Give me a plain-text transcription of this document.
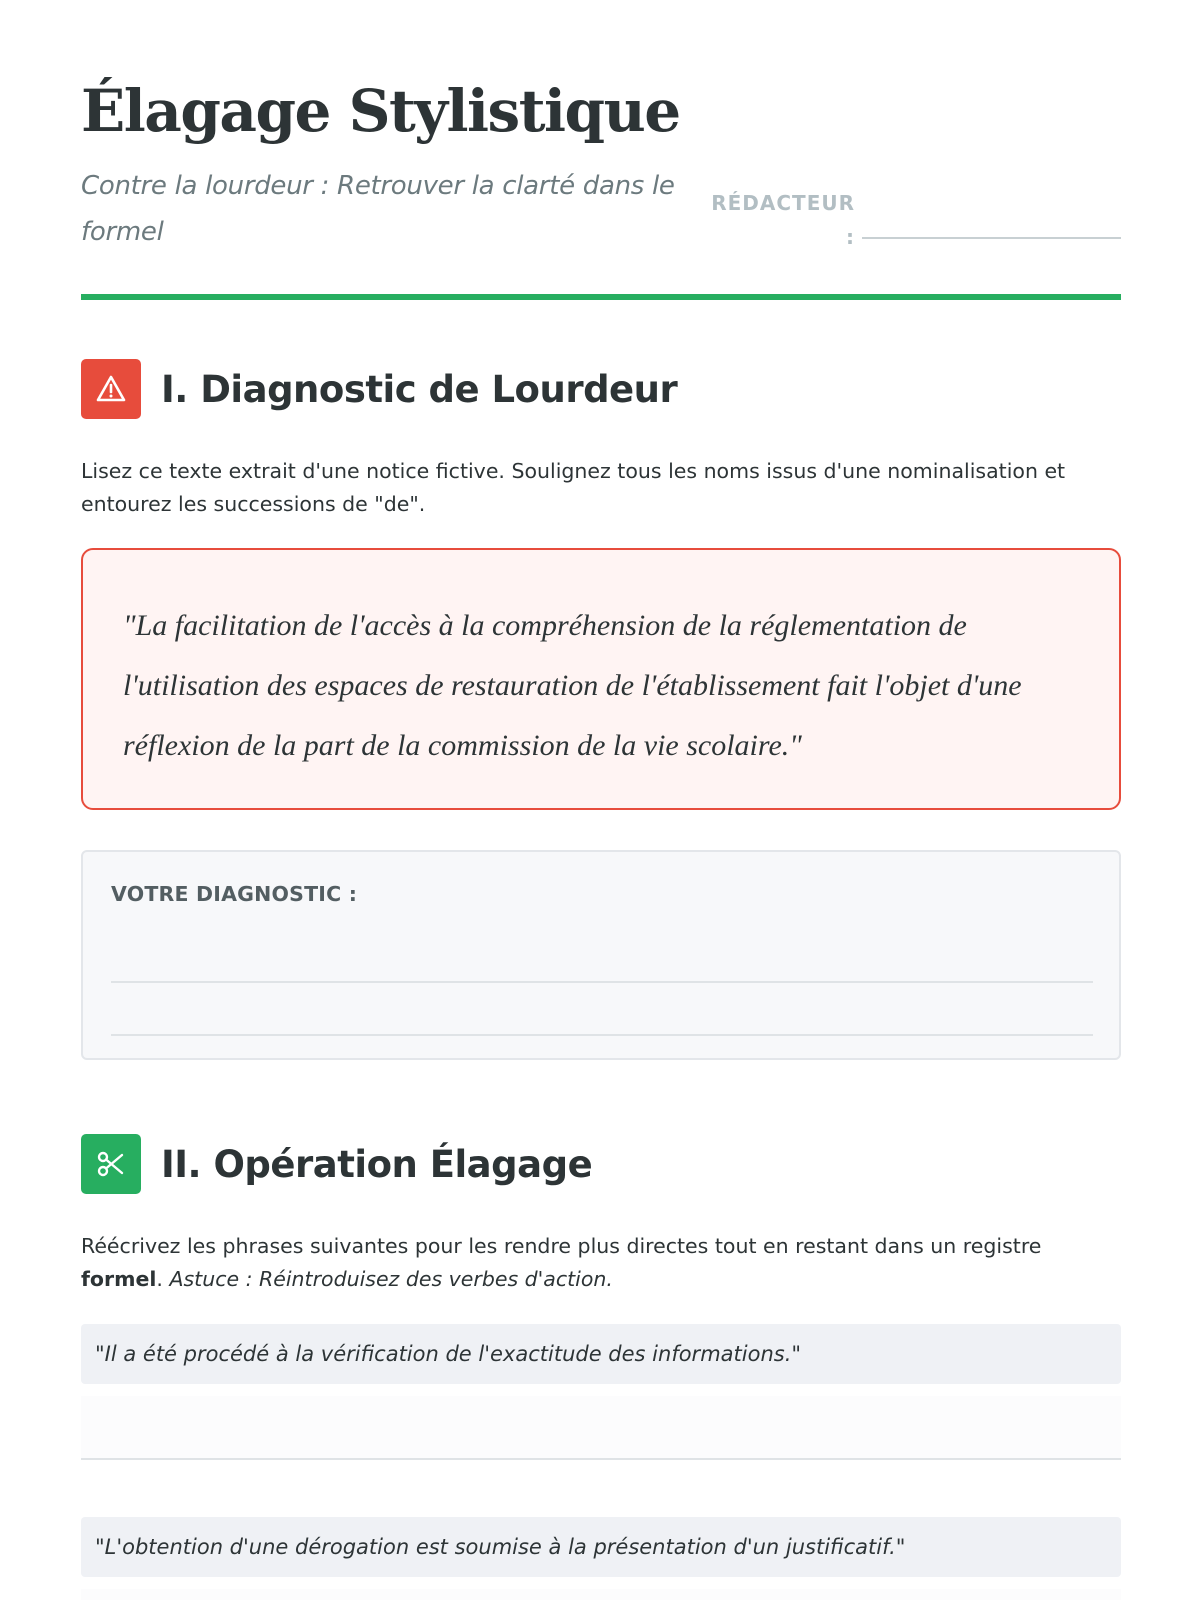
Élagage Stylistique
Contre la lourdeur : Retrouver la clarté dans le formel
RÉDACTEUR :
I. Diagnostic de Lourdeur

Lisez ce texte extrait d'une notice fictive. Soulignez tous les noms issus d'une nominalisation et entourez les successions de "de".

"La facilitation de l'accès à la compréhension de la réglementation de l'utilisation des espaces de restauration de l'établissement fait l'objet d'une réflexion de la part de la commission de la vie scolaire."

VOTRE DIAGNOSTIC :
II. Opération Élagage

Réécrivez les phrases suivantes pour les rendre plus directes tout en restant dans un registre formel. Astuce : Réintroduisez des verbes d'action.

"Il a été procédé à la vérification de l'exactitude des informations."
"L'obtention d'une dérogation est soumise à la présentation d'un justificatif."
